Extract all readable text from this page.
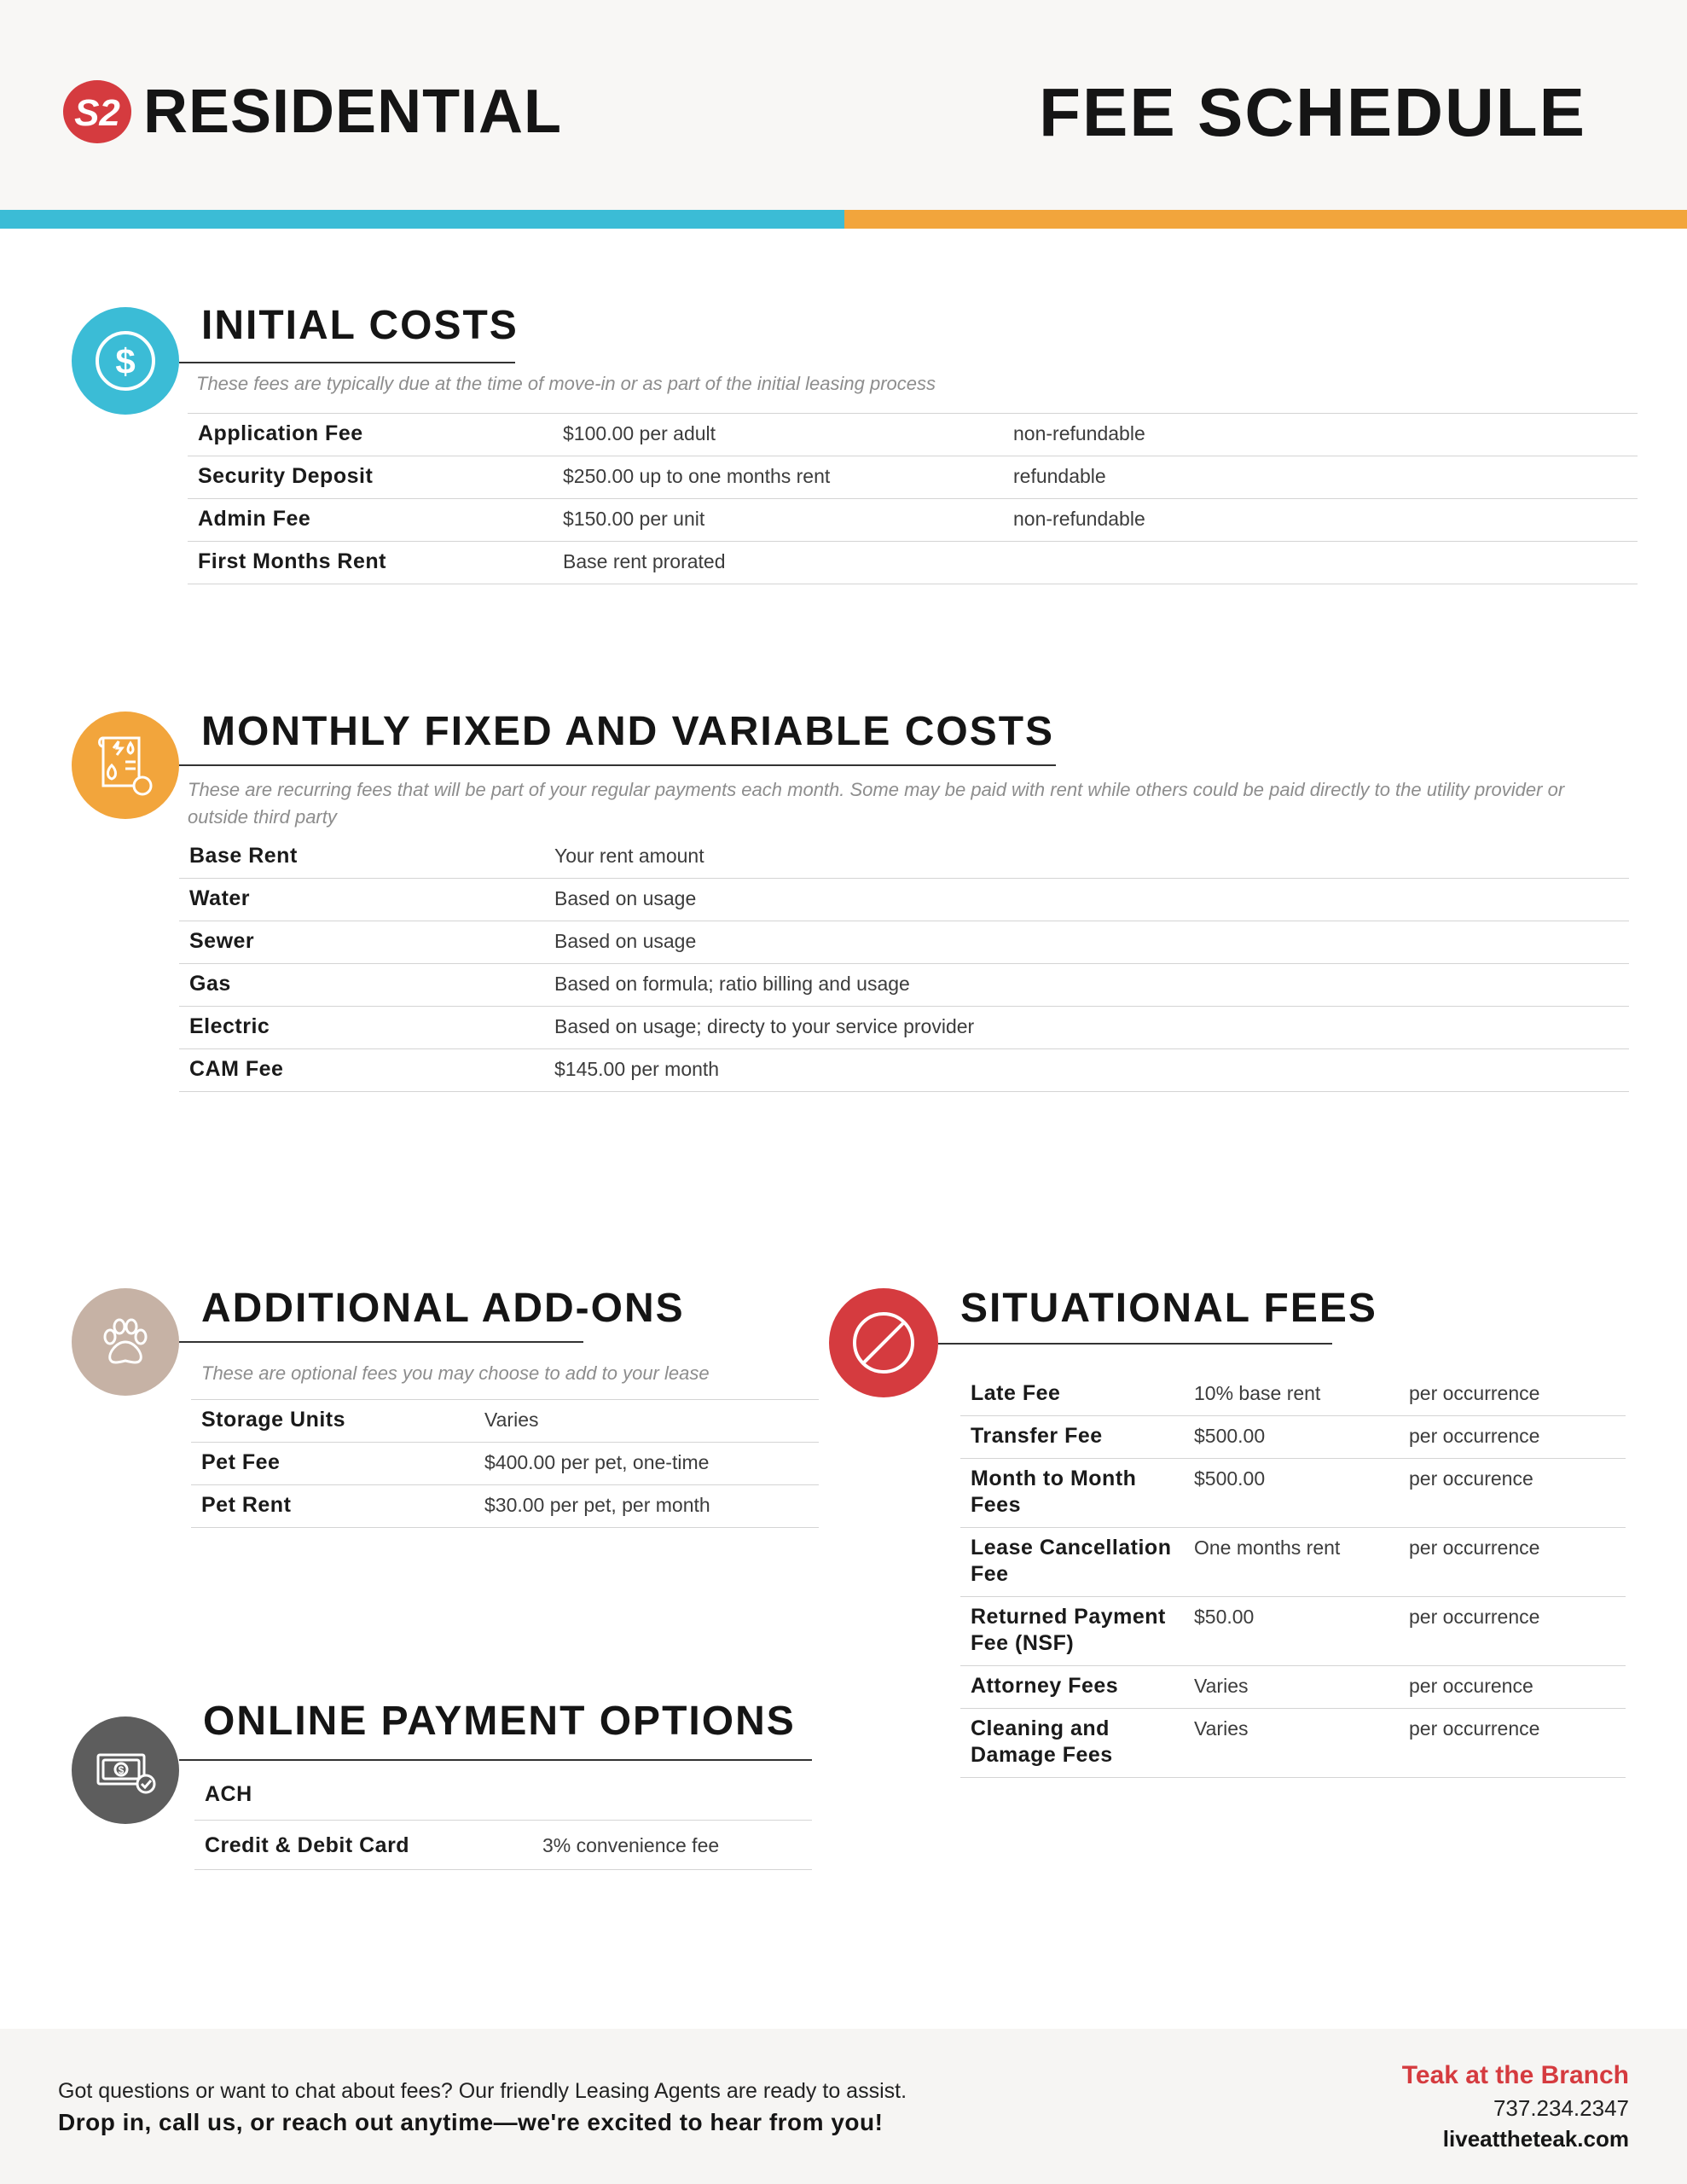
S2 RESIDENTIAL	FEE SCHEDULE
$
INITIAL COSTS
These fees are typically due at the time of move-in or as part of the initial leasing process
Application Fee	$100.00 per adult	non-refundable
Security Deposit	$250.00 up to one months rent	refundable
Admin Fee	$150.00 per unit	non-refundable
First Months Rent	Base rent prorated	
MONTHLY FIXED AND VARIABLE COSTS
These are recurring fees that will be part of your regular payments each month. Some may be paid with rent while others could be paid directly to the utility provider or outside third party
Base Rent	Your rent amount
Water	Based on usage
Sewer	Based on usage
Gas	Based on formula; ratio billing and usage
Electric	Based on usage; directy to your service provider
CAM Fee	$145.00 per month
ADDITIONAL ADD-ONS
These are optional fees you may choose to add to your lease
Storage Units	Varies
Pet Fee	$400.00 per pet, one-time
Pet Rent	$30.00 per pet, per month
SITUATIONAL FEES
Late Fee	10% base rent	per occurrence
Transfer Fee	$500.00	per occurrence
Month to Month Fees	$500.00	per occurence
Lease Cancellation Fee	One months rent	per occurrence
Returned Payment Fee (NSF)	$50.00	per occurrence
Attorney Fees	Varies	per occurence
Cleaning and Damage Fees	Varies	per occurrence
$
ONLINE PAYMENT OPTIONS
ACH	
Credit & Debit Card	3% convenience fee
Got questions or want to chat about fees? Our friendly Leasing Agents are ready to assist.
Drop in, call us, or reach out anytime—we're excited to hear from you!
Teak at the Branch
737.234.2347
liveattheteak.com
